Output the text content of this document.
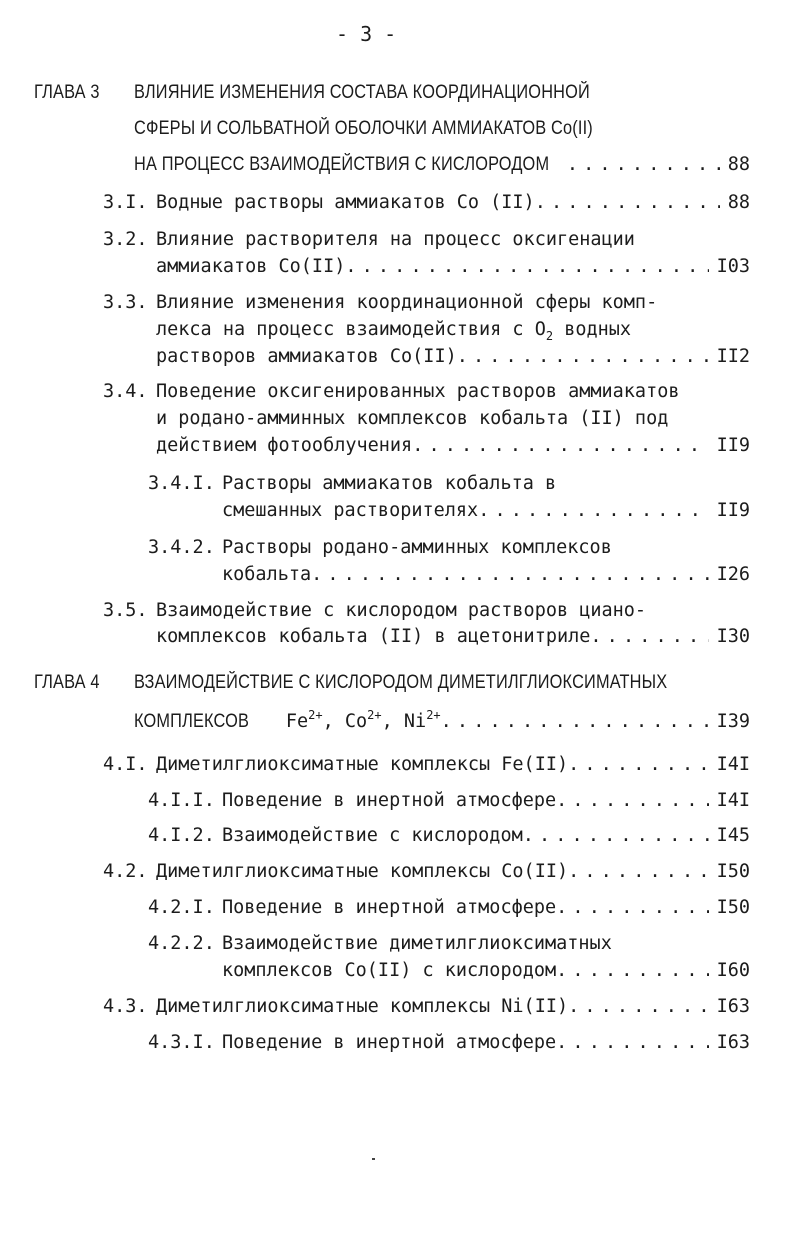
- 3 -
ГЛАВА 3 ВЛИЯНИЕ ИЗМЕНЕНИЯ СОСТАВА КООРДИНАЦИОННОЙ
СФЕРЫ И СОЛЬВАТНОЙ ОБОЛОЧКИ АММИАКАТОВ Co(II)
НА ПРОЦЕСС ВЗАИМОДЕЙСТВИЯ С КИСЛОРОДОМ . . .	88
3.I. Водные растворы аммиакатов Co (II) . . .	88
3.2. Влияние растворителя на процесс оксигенации
аммиакатов Co(II) . . .	I03
3.3. Влияние изменения координационной сферы комп-
лекса на процесс взаимодействия с $O_2$ водных
растворов аммиакатов Co(II) . . .	II2
3.4. Поведение оксигенированных растворов аммиакатов
и родано-амминных комплексов кобальта (II) под
действием фотооблучения . . .	II9
3.4.I. Растворы аммиакатов кобальта в
смешанных растворителях . . .	II9
3.4.2. Растворы родано-амминных комплексов
кобальта . . .	I26
3.5. Взаимодействие с кислородом растворов циано-
комплексов кобальта (II) в ацетонитриле . . .	I30
ГЛАВА 4 ВЗАИМОДЕЙСТВИЕ С КИСЛОРОДОМ ДИМЕТИЛГЛИОКСИМАТНЫХ
КОМПЛЕКСОВ $Fe^{2+}$, $Co^{2+}$, $Ni^{2+}$ . . .	I39
4.I. Диметилглиоксиматные комплексы Fe(II) . . .	I4I
4.I.I. Поведение в инертной атмосфере . . .	I4I
4.I.2. Взаимодействие с кислородом . . .	I45
4.2. Диметилглиоксиматные комплексы Co(II) . . .	I50
4.2.I. Поведение в инертной атмосфере . . .	I50
4.2.2. Взаимодействие диметилглиоксиматных
комплексов Co(II) с кислородом . . .	I60
4.3. Диметилглиоксиматные комплексы Ni(II) . . .	I63
4.3.I. Поведение в инертной атмосфере . . .	I63
